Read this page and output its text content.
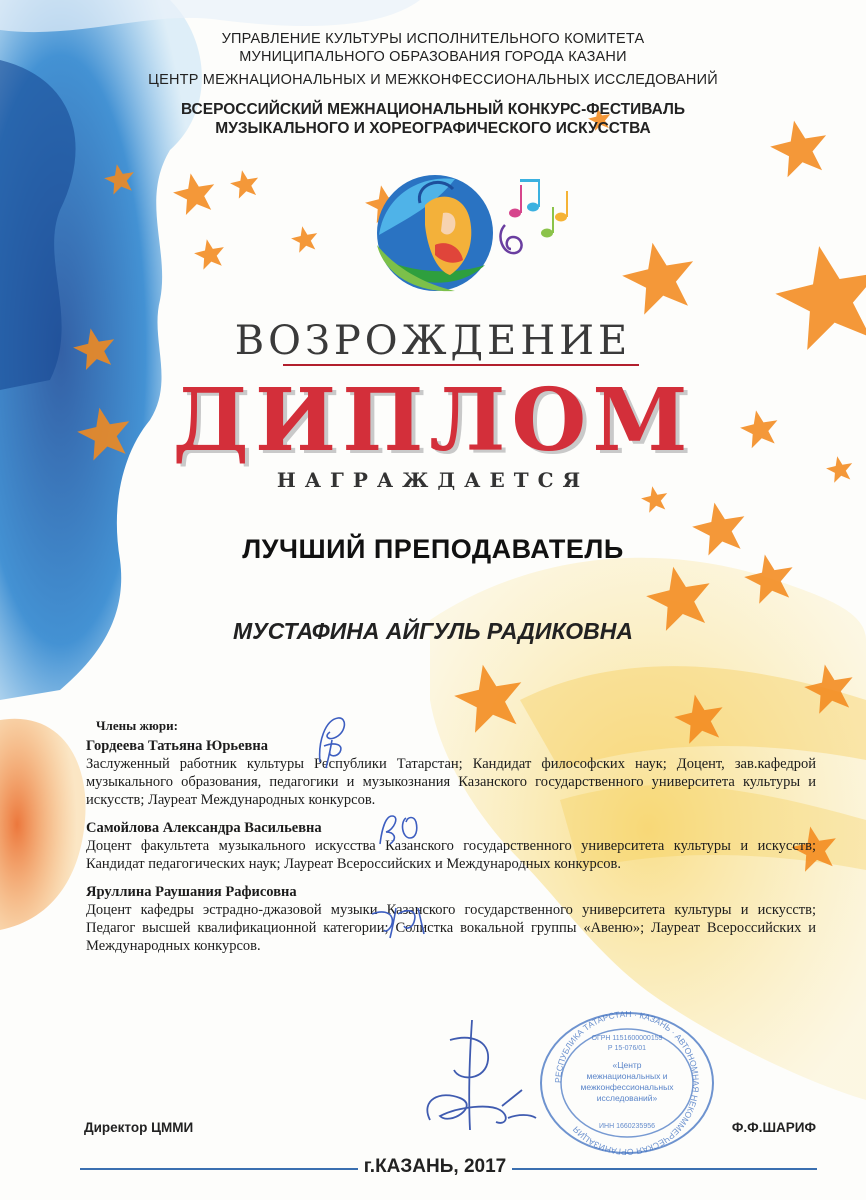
УПРАВЛЕНИЕ КУЛЬТУРЫ ИСПОЛНИТЕЛЬНОГО КОМИТЕТА
МУНИЦИПАЛЬНОГО ОБРАЗОВАНИЯ ГОРОДА КАЗАНИ
ЦЕНТР МЕЖНАЦИОНАЛЬНЫХ И МЕЖКОНФЕССИОНАЛЬНЫХ ИССЛЕДОВАНИЙ
ВСЕРОССИЙСКИЙ МЕЖНАЦИОНАЛЬНЫЙ КОНКУРС-ФЕСТИВАЛЬ
МУЗЫКАЛЬНОГО И ХОРЕОГРАФИЧЕСКОГО ИСКУССТВА
ВОЗРОЖДЕНИЕ
ДИПЛОМ
НАГРАЖДАЕТСЯ
ЛУЧШИЙ ПРЕПОДАВАТЕЛЬ
МУСТАФИНА АЙГУЛЬ РАДИКОВНА
Члены жюри:
Гордеева Татьяна Юрьевна
Заслуженный работник культуры Республики Татарстан; Кандидат философских наук; Доцент, зав.кафедрой музыкального образования, педагогики и музыкознания Казанского государственного университета культуры и искусств; Лауреат Международных конкурсов.
Самойлова Александра Васильевна
Доцент факультета музыкального искусства Казанского государственного университета культуры и искусств; Кандидат педагогических наук; Лауреат Всероссийских и Международных конкурсов.
Яруллина Раушания Рафисовна
Доцент кафедры эстрадно-джазовой музыки Казанского государственного университета культуры и искусств; Педагог высшей квалификационной категории; Солистка вокальной группы «Авеню»; Лауреат Всероссийских и Международных конкурсов.
РЕСПУБЛИКА ТАТАРСТАН · КАЗАНЬ · АВТОНОМНАЯ НЕКОММЕРЧЕСКАЯ ОРГАНИЗАЦИЯ
ОГРН 1151600000159
Р 15-076/01
«Центр
межнациональных и
межконфессиональных
исследований»
ИНН 1660235956
Директор ЦММИ	Ф.Ф.ШАРИФ
г.КАЗАНЬ, 2017
